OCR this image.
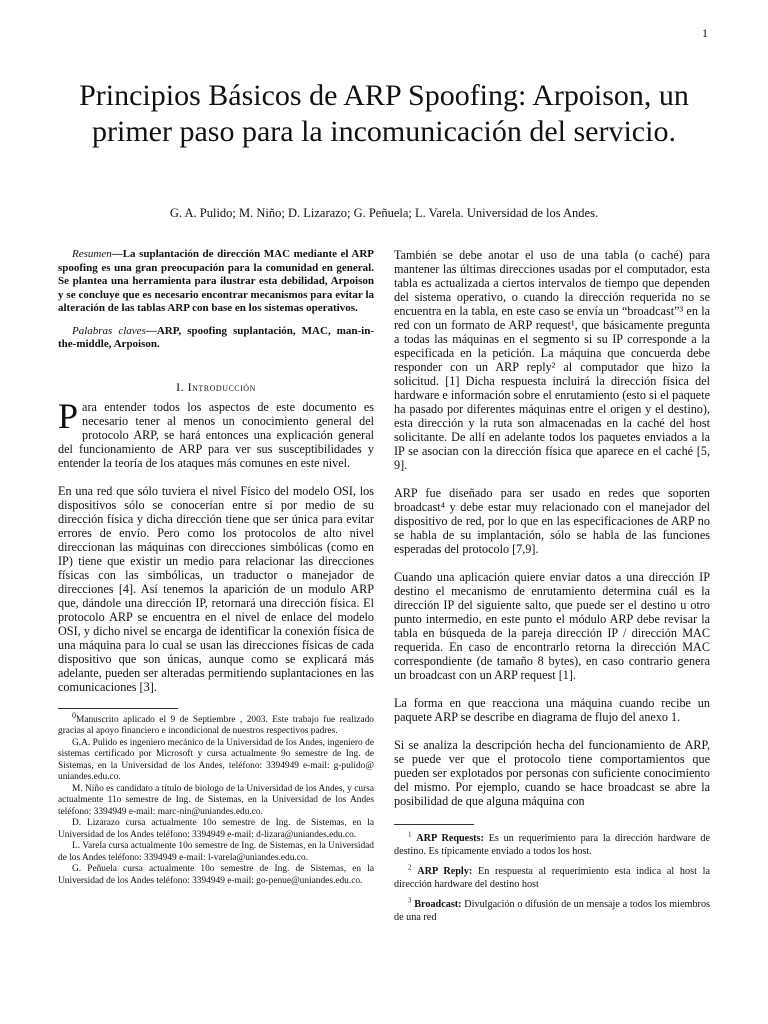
1
Principios Básicos de ARP Spoofing: Arpoison, un primer paso para la incomunicación del servicio.
G. A. Pulido; M. Niño; D. Lizarazo; G. Peñuela; L. Varela. Universidad de los Andes.

Resumen—La suplantación de dirección MAC mediante el ARP spoofing es una gran preocupación para la comunidad en general. Se plantea una herramienta para ilustrar esta debilidad, Arpoison y se concluye que es necesario encontrar mecanismos para evitar la alteración de las tablas ARP con base en los sistemas operativos.

Palabras claves—ARP, spoofing suplantación, MAC, man-in-the-middle, Arpoison.

I. Introducción

Para entender todos los aspectos de este documento es necesario tener al menos un conocimiento general del protocolo ARP, se hará entonces una explicación general del funcionamiento de ARP para ver sus susceptibilidades y entender la teoría de los ataques más comunes en este nivel.

En una red que sólo tuviera el nivel Físico del modelo OSI, los dispositivos sólo se conocerían entre sí por medio de su dirección física y dicha dirección tiene que ser única para evitar errores de envío. Pero como los protocolos de alto nivel direccionan las máquinas con direcciones simbólicas (como en IP) tiene que existir un medio para relacionar las direcciones físicas con las simbólicas, un traductor o manejador de direcciones [4]. Así tenemos la aparición de un modulo ARP que, dándole una dirección IP, retornará una dirección física. El protocolo ARP se encuentra en el nivel de enlace del modelo OSI, y dicho nivel se encarga de identificar la conexión física de una máquina para lo cual se usan las direcciones físicas de cada dispositivo que son únicas, aunque como se explicará más adelante, pueden ser alteradas permitiendo suplantaciones en las comunicaciones [3].

$^0$Manuscrito aplicado el 9 de Septiembre , 2003. Este trabajo fue realizado gracias al apoyo financiero e incondicional de nuestros respectivos padres.

G.A. Pulido es ingeniero mecánico de la Universidad de los Andes, ingeniero de sistemas certificado por Microsoft y cursa actualmente 9o semestre de Ing. de Sistemas, en la Universidad de los Andes, teléfono: 3394949 e-mail: g-pulido@ uniandes.edu.co.

M. Niño es candidato a título de biologo de la Universidad de los Andes, y cursa actualmente 11o semestre de Ing. de Sistemas, en la Universidad de los Andes teléfono: 3394949 e-mail: marc-nin@uniandes.edu.co.

D. Lizarazo cursa actualmente 10o semestre de Ing. de Sistemas, en la Universidad de los Andes teléfono: 3394949 e-mail: d-lizara@uniandes.edu.co.

L. Varela cursa actualmente 10o semestre de Ing. de Sistemas, en la Universidad de los Andes teléfono: 3394949 e-mail: l-varela@uniandes.edu.co.

G. Peñuela cursa actualmente 10o semestre de Ing. de Sistemas, en la Universidad de los Andes teléfono: 3394949 e-mail: go-penue@uniandes.edu.co.

También se debe anotar el uso de una tabla (o caché) para mantener las últimas direcciones usadas por el computador, esta tabla es actualizada a ciertos intervalos de tiempo que dependen del sistema operativo, o cuando la dirección requerida no se encuentra en la tabla, en este caso se envía un “broadcast”³ en la red con un formato de ARP request¹, que básicamente pregunta a todas las máquinas en el segmento si su IP corresponde a la especificada en la petición. La máquina que concuerda debe responder con un ARP reply² al computador que hizo la solicitud. [1] Dicha respuesta incluirá la dirección física del hardware e información sobre el enrutamiento (esto si el paquete ha pasado por diferentes máquinas entre el origen y el destino), esta dirección y la ruta son almacenadas en la caché del host solicitante. De allí en adelante todos los paquetes enviados a la IP se asocian con la dirección física que aparece en el caché [5, 9].

ARP fue diseñado para ser usado en redes que soporten broadcast⁴ y debe estar muy relacionado con el manejador del dispositivo de red, por lo que en las especificaciones de ARP no se habla de su implantación, sólo se habla de las funciones esperadas del protocolo [7,9].

Cuando una aplicación quiere enviar datos a una dirección IP destino el mecanismo de enrutamiento determina cuál es la dirección IP del siguiente salto, que puede ser el destino u otro punto intermedio, en este punto el módulo ARP debe revisar la tabla en búsqueda de la pareja dirección IP / dirección MAC requerida. En caso de encontrarlo retorna la dirección MAC correspondiente (de tamaño 8 bytes), en caso contrario genera un broadcast con un ARP request [1].

La forma en que reacciona una máquina cuando recibe un paquete ARP se describe en diagrama de flujo del anexo 1.

Si se analiza la descripción hecha del funcionamiento de ARP, se puede ver que el protocolo tiene comportamientos que pueden ser explotados por personas con suficiente conocimiento del mismo. Por ejemplo, cuando se hace broadcast se abre la posibilidad de que alguna máquina con

$^1$ ARP Requests: Es un requerimiento para la dirección hardware de destino. Es típicamente enviado a todos los host.

$^2$ ARP Reply: En respuesta al requerimiento esta indica al host la dirección hardware del destino host

$^3$ Broadcast: Divulgación o difusión de un mensaje a todos los miembros de una red
